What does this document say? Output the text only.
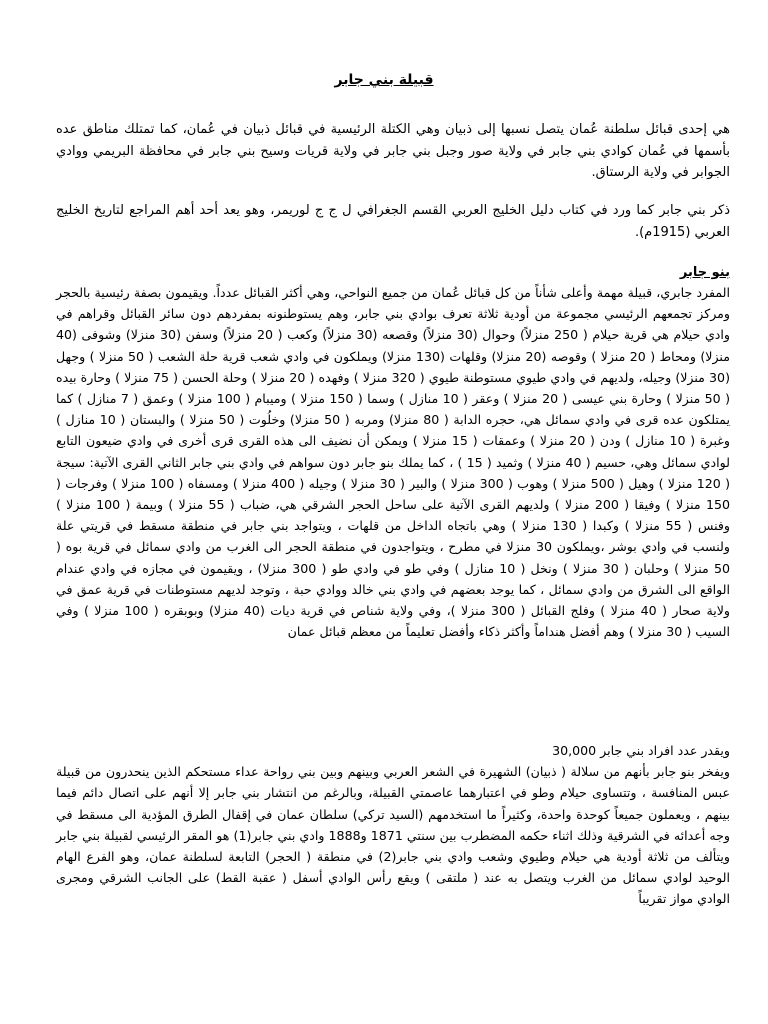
قبيلة بني جابر

هي إحدى قبائل سلطنة عُمان يتصل نسبها إلى ذبيان وهي الكتلة الرئيسية في قبائل ذبيان في عُمان، كما تمتلك مناطق عده بأسمها في عُمان كوادي بني جابر في ولاية صور وجبل بني جابر في ولاية قريات وسيح بني جابر في محافظة البريمي ووادي الجوابر في ولاية الرستاق.

ذكر بني جابر كما ورد في كتاب دليل الخليج العربي القسم الجغرافي ل ج ج لوريمر، وهو يعد أحد أهم المراجع لتاريخ الخليج العربي (1915م).

بنو جابر

المفرد جابري، قبيلة مهمة وأعلى شأناً من كل قبائل عُمان من جميع النواحي، وهي أكثر القبائل عدداً. ويقيمون بصفة رئيسية بالحجر ومركز تجمعهم الرئيسي مجموعة من أودية ثلاثة تعرف بوادي بني جابر، وهم يستوطنونه بمفردهم دون سائر القبائل وقراهم في وادي حيلام هي قرية حيلام ( 250 منزلاً) وحوال (30 منزلاً) وقصعه (30 منزلاً) وكعب ( 20 منزلاً) وسفن (30 منزلا) وشوفى (40 منزلا) ومحاط ( 20 منزلا ) وقوصه (20 منزلا) وقلهات (130 منزلا) ويملكون في وادي شعب قرية حلة الشعب ( 50 منزلا ) وجهل (30 منزلا) وجيله، ولديهم في وادي طيوي مستوطنة طيوي ( 320 منزلا ) وفهده ( 20 منزلا ) وحلة الحسن ( 75 منزلا ) وحارة بيده ( 50 منزلا ) وحارة بني عيسى ( 20 منزلا ) وعقر ( 10 منازل ) وسما ( 150 منزلا ) وميبام ( 100 منزلا ) وعمق ( 7 منازل ) كما يمتلكون عده قرى في وادي سمائل هي، حجره الدابة ( 80 منزلا) ومربه ( 50 منزلا) وخلُوت ( 50 منزلا ) والبستان ( 10 منازل ) وغبرة ( 10 منازل ) ودن ( 20 منزلا ) وعمقات ( 15 منزلا ) ويمكن أن نضيف الى هذه القرى قرى أخرى في وادي ضيعون التابع لوادي سمائل وهي، حسيم ( 40 منزلا ) وثميد ( 15 ) ، كما يملك بنو جابر دون سواهم في وادي بني جابر الثاني القرى الآتية: سيجة ( 120 منزلا ) وهيل ( 500 منزلا ) وهوب ( 300 منزلا ) والبير ( 30 منزلا ) وجيله ( 400 منزلا ) ومسفاه ( 100 منزلا ) وفرجات ( 150 منزلا ) وفيقا ( 200 منزلا ) ولديهم القرى الآتية على ساحل الحجر الشرقي هي، ضباب ( 55 منزلا ) وبيمة ( 100 منزلا ) وفنس ( 55 منزلا ) وكبدا ( 130 منزلا ) وهي باتجاه الداخل من قلهات ، ويتواجد بني جابر في منطقة مسقط في قريتي علة ولنسب في وادي بوشر ،ويملكون 30 منزلا في مطرح ، ويتواجدون في منطقة الحجر الى الغرب من وادي سمائل في قرية بوه ( 50 منزلا ) وحلبان ( 30 منزلا ) ونخل ( 10 منازل ) وفي طو في وادي طو ( 300 منزلا) ، ويقيمون في مجازه في وادي عندام الواقع الى الشرق من وادي سمائل ، كما يوجد بعضهم في وادي بني خالد ووادي حبة ، وتوجد لديهم مستوطنات في قرية عمق في ولاية صحار ( 40 منزلا ) وفلج القبائل ( 300 منزلا )، وفي ولاية شناص في قرية ديات (40 منزلا) وبوبقره ( 100 منزلا ) وفي السيب ( 30 منزلا ) وهم أفضل هنداماً وأكثر ذكاء وأفضل تعليماً من معظم قبائل عمان

ويقدر عدد افراد بني جابر 30,000
ويفخر بنو جابر بأنهم من سلالة ( ذبيان) الشهيرة في الشعر العربي وبينهم وبين بني رواحة عداء مستحكم الذين ينحدرون من قبيلة عبس المنافسة ، وتتساوى حيلام وطو في اعتبارهما عاصمتي القبيلة، وبالرغم من انتشار بني جابر إلا أنهم على اتصال دائم فيما بينهم ، ويعملون جميعاً كوحدة واحدة، وكثيراً ما استخدمهم (السيد تركي) سلطان عمان في إقفال الطرق المؤدية الى مسقط في وجه أعدائه في الشرقية وذلك اثناء حكمه المضطرب بين سنتي 1871 و1888 وادي بني جابر(1) هو المقر الرئيسي لقبيلة بني جابر ويتألف من ثلاثة أودية هي حيلام وطيوي وشعب وادي بني جابر(2) في منطقة ( الحجر) التابعة لسلطنة عمان، وهو الفرع الهام الوحيد لوادي سمائل من الغرب ويتصل به عند ( ملتقى ) ويقع رأس الوادي أسفل ( عقبة القط) على الجانب الشرقي ومجرى الوادي مواز تقريباً
